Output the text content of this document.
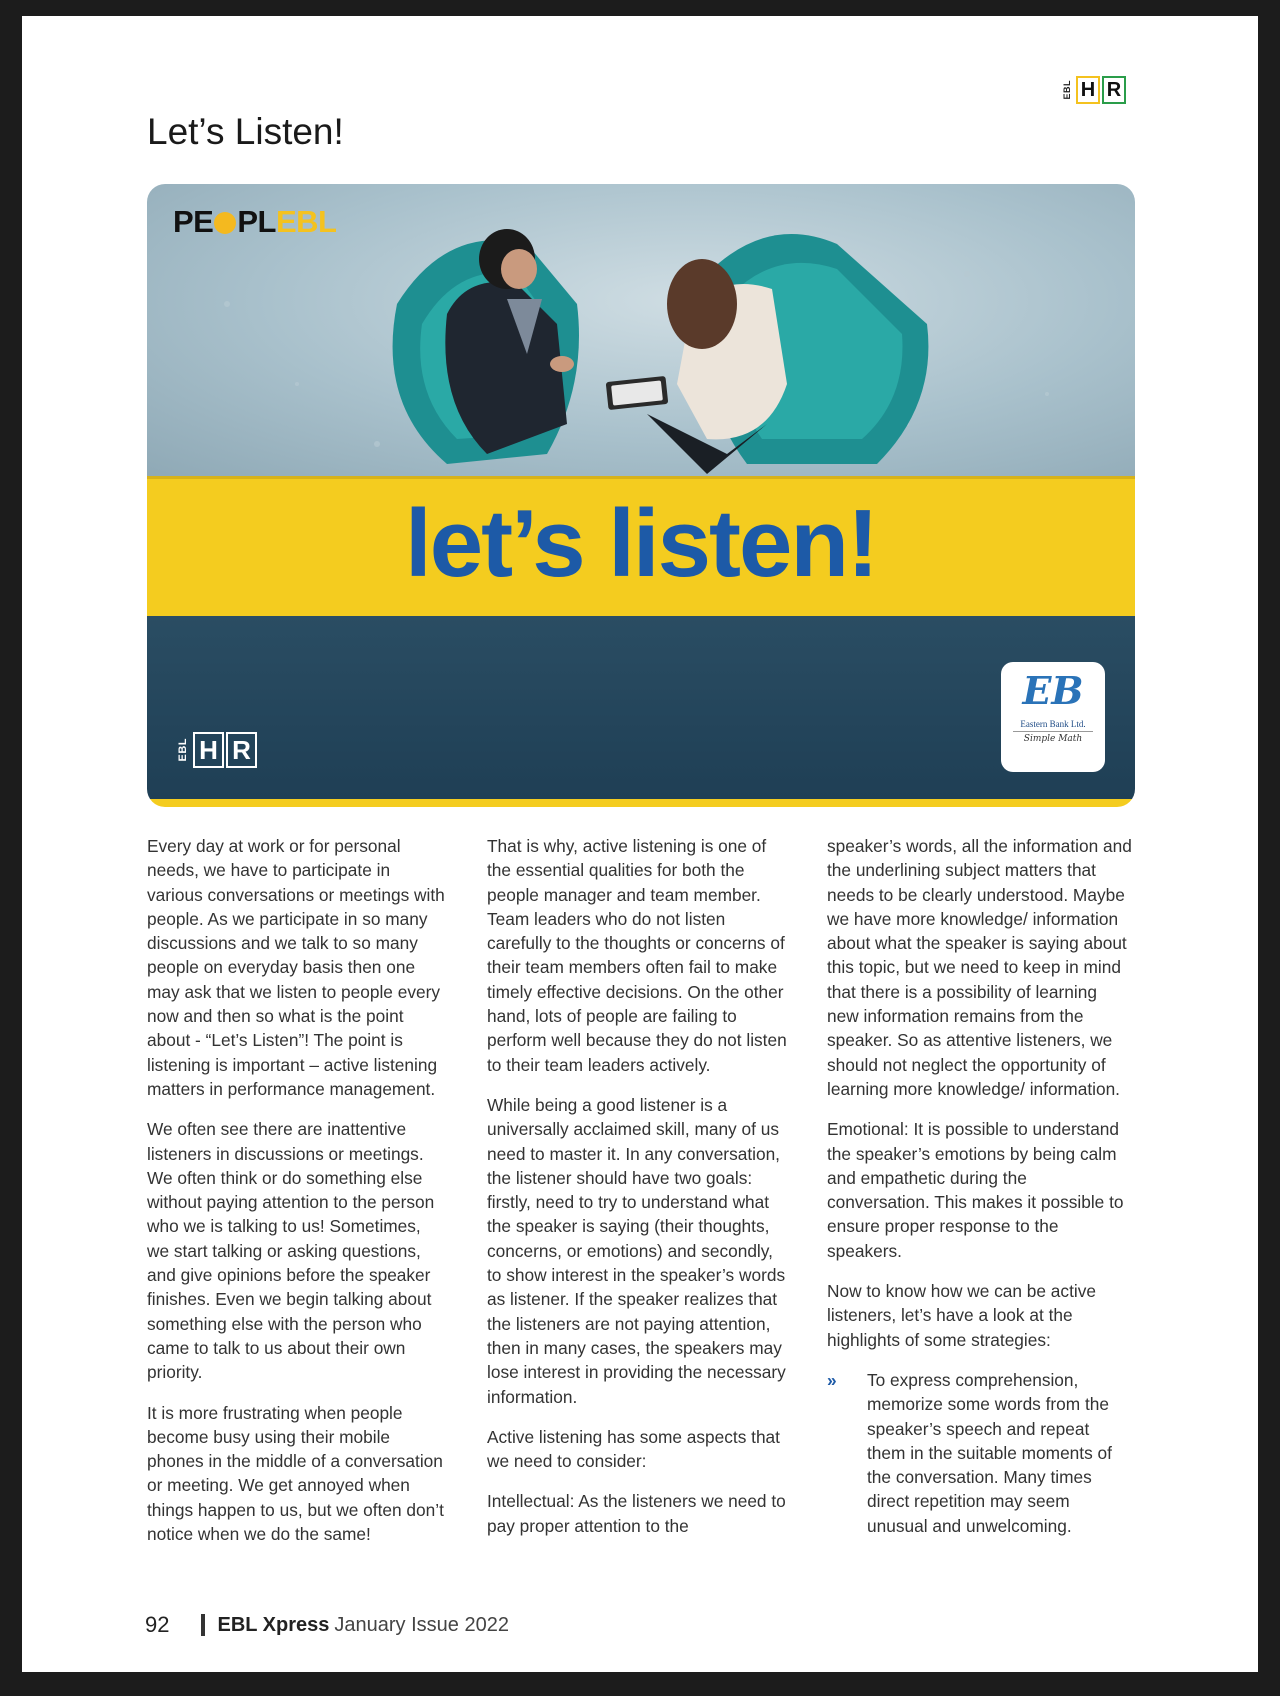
EBL H R
Let’s Listen!
PE PLEBL
let’s listen!
EBL H R
EB
Eastern Bank Ltd.
Simple Math

Every day at work or for personal needs, we have to participate in various conversations or meetings with people. As we participate in so many discussions and we talk to so many people on everyday basis then one may ask that we listen to people every now and then so what is the point about - “Let’s Listen”! The point is listening is important – active listening matters in performance management.

We often see there are inattentive listeners in discussions or meetings. We often think or do something else without paying attention to the person who we is talking to us! Sometimes, we start talking or asking questions, and give opinions before the speaker finishes. Even we begin talking about something else with the person who came to talk to us about their own priority.

It is more frustrating when people become busy using their mobile phones in the middle of a conversation or meeting. We get annoyed when things happen to us, but we often don’t notice when we do the same!

That is why, active listening is one of the essential qualities for both the people manager and team member. Team leaders who do not listen carefully to the thoughts or concerns of their team members often fail to make timely effective decisions. On the other hand, lots of people are failing to perform well because they do not listen to their team leaders actively.

While being a good listener is a universally acclaimed skill, many of us need to master it. In any conversation, the listener should have two goals: firstly, need to try to understand what the speaker is saying (their thoughts, concerns, or emotions) and secondly, to show interest in the speaker’s words as listener. If the speaker realizes that the listeners are not paying attention, then in many cases, the speakers may lose interest in providing the necessary information.

Active listening has some aspects that we need to consider:

Intellectual: As the listeners we need to pay proper attention to the

speaker’s words, all the information and the underlining subject matters that needs to be clearly understood. Maybe we have more knowledge/ information about what the speaker is saying about this topic, but we need to keep in mind that there is a possibility of learning new information remains from the speaker. So as attentive listeners, we should not neglect the opportunity of learning more knowledge/ information.

Emotional: It is possible to understand the speaker’s emotions by being calm and empathetic during the conversation. This makes it possible to ensure proper response to the speakers.

Now to know how we can be active listeners, let’s have a look at the highlights of some strategies:

»	To express comprehension, memorize some words from the speaker’s speech and repeat them in the suitable moments of the conversation. Many times direct repetition may seem unusual and unwelcoming.
92 EBL Xpress January Issue 2022
